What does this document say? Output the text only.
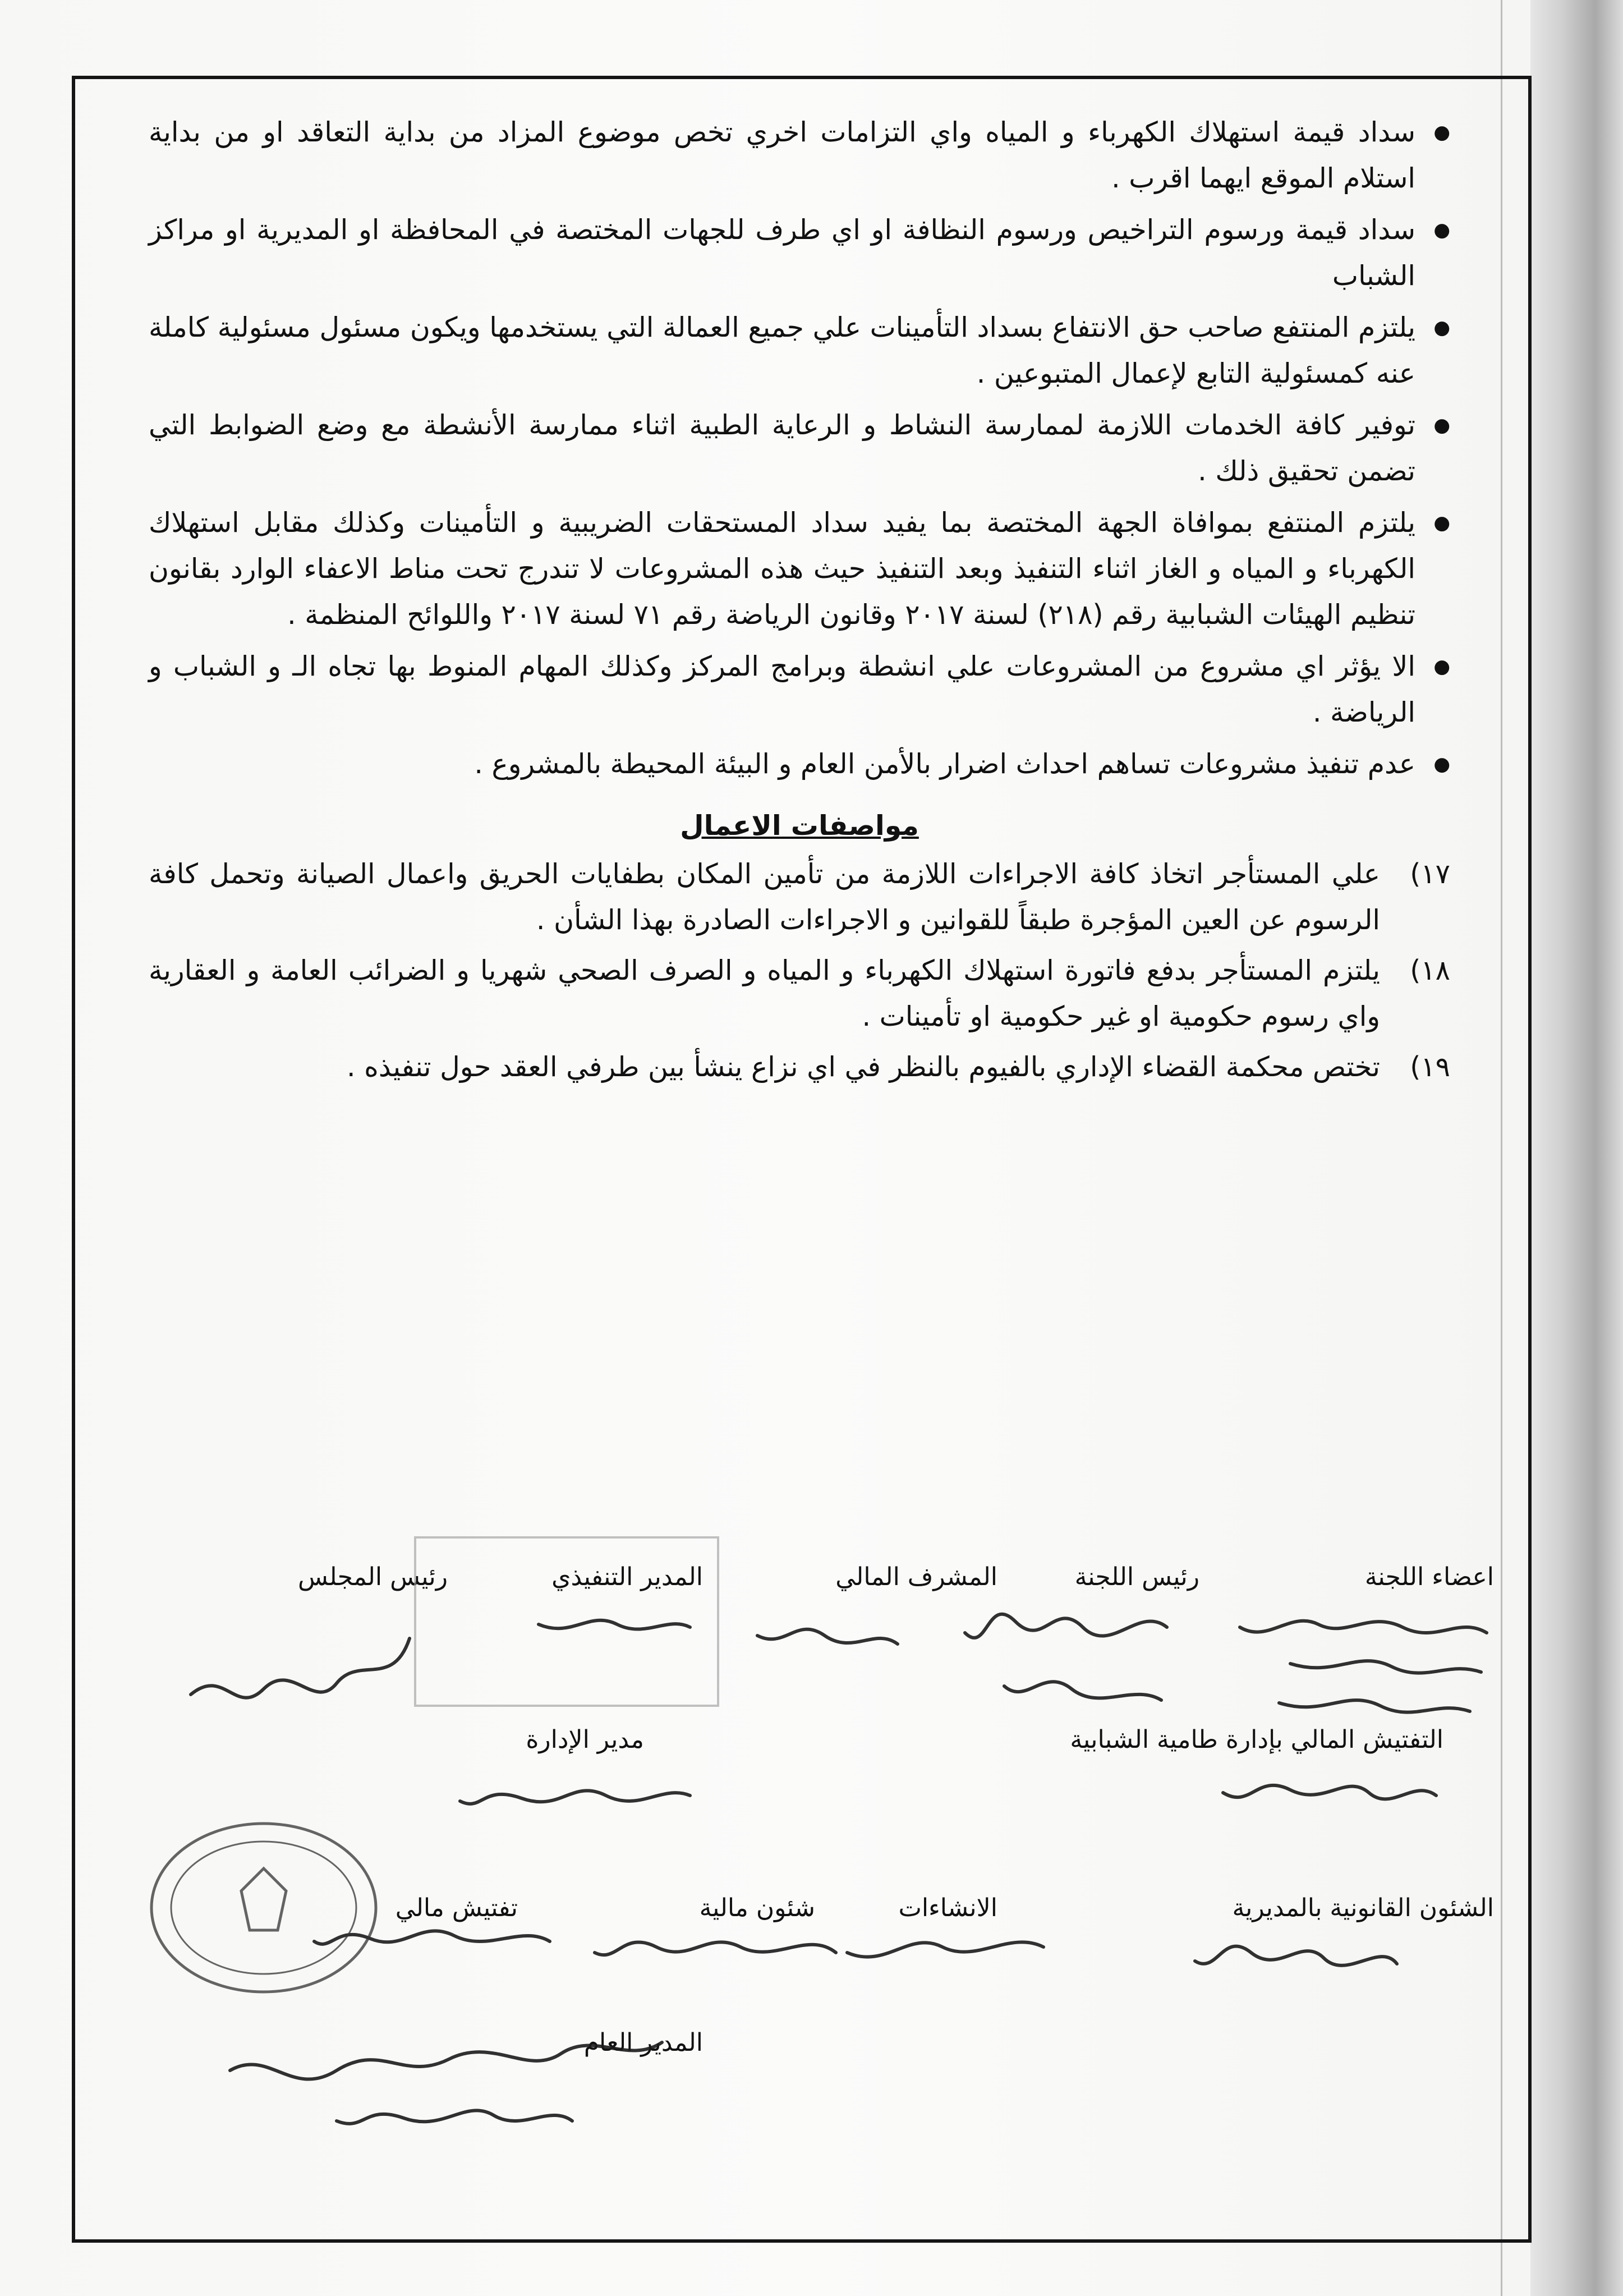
● سداد قيمة استهلاك الكهرباء و المياه واي التزامات اخري تخص موضوع المزاد من بداية التعاقد او من بداية استلام الموقع ايهما اقرب .
● سداد قيمة ورسوم التراخيص ورسوم النظافة او اي طرف للجهات المختصة في المحافظة او المديرية او مراكز الشباب
● يلتزم المنتفع صاحب حق الانتفاع بسداد التأمينات علي جميع العمالة التي يستخدمها ويكون مسئول مسئولية كاملة عنه كمسئولية التابع لإعمال المتبوعين .
● توفير كافة الخدمات اللازمة لممارسة النشاط و الرعاية الطبية اثناء ممارسة الأنشطة مع وضع الضوابط التي تضمن تحقيق ذلك .
● يلتزم المنتفع بموافاة الجهة المختصة بما يفيد سداد المستحقات الضريبية و التأمينات وكذلك مقابل استهلاك الكهرباء و المياه و الغاز اثناء التنفيذ وبعد التنفيذ حيث هذه المشروعات لا تندرج تحت مناط الاعفاء الوارد بقانون تنظيم الهيئات الشبابية رقم (٢١٨) لسنة ٢٠١٧ وقانون الرياضة رقم ٧١ لسنة ٢٠١٧ واللوائح المنظمة .
● الا يؤثر اي مشروع من المشروعات علي انشطة وبرامج المركز وكذلك المهام المنوط بها تجاه الـ و الشباب و الرياضة .
● عدم تنفيذ مشروعات تساهم احداث اضرار بالأمن العام و البيئة المحيطة بالمشروع .
مواصفات الاعمال
١٧)
علي المستأجر اتخاذ كافة الاجراءات اللازمة من تأمين المكان بطفايات الحريق واعمال الصيانة وتحمل كافة الرسوم عن العين المؤجرة طبقاً للقوانين و الاجراءات الصادرة بهذا الشأن .
١٨)
يلتزم المستأجر بدفع فاتورة استهلاك الكهرباء و المياه و الصرف الصحي شهريا و الضرائب العامة و العقارية واي رسوم حكومية او غير حكومية او تأمينات .
١٩)
تختص محكمة القضاء الإداري بالفيوم بالنظر في اي نزاع ينشأ بين طرفي العقد حول تنفيذه .
اعضاء اللجنة
رئيس اللجنة
المشرف المالي
المدير التنفيذي
رئيس المجلس
التفتيش المالي بإدارة طامية الشبابية
مدير الإدارة
الشئون القانونية بالمديرية
الانشاءات
شئون مالية
تفتيش مالي
المدير العام
